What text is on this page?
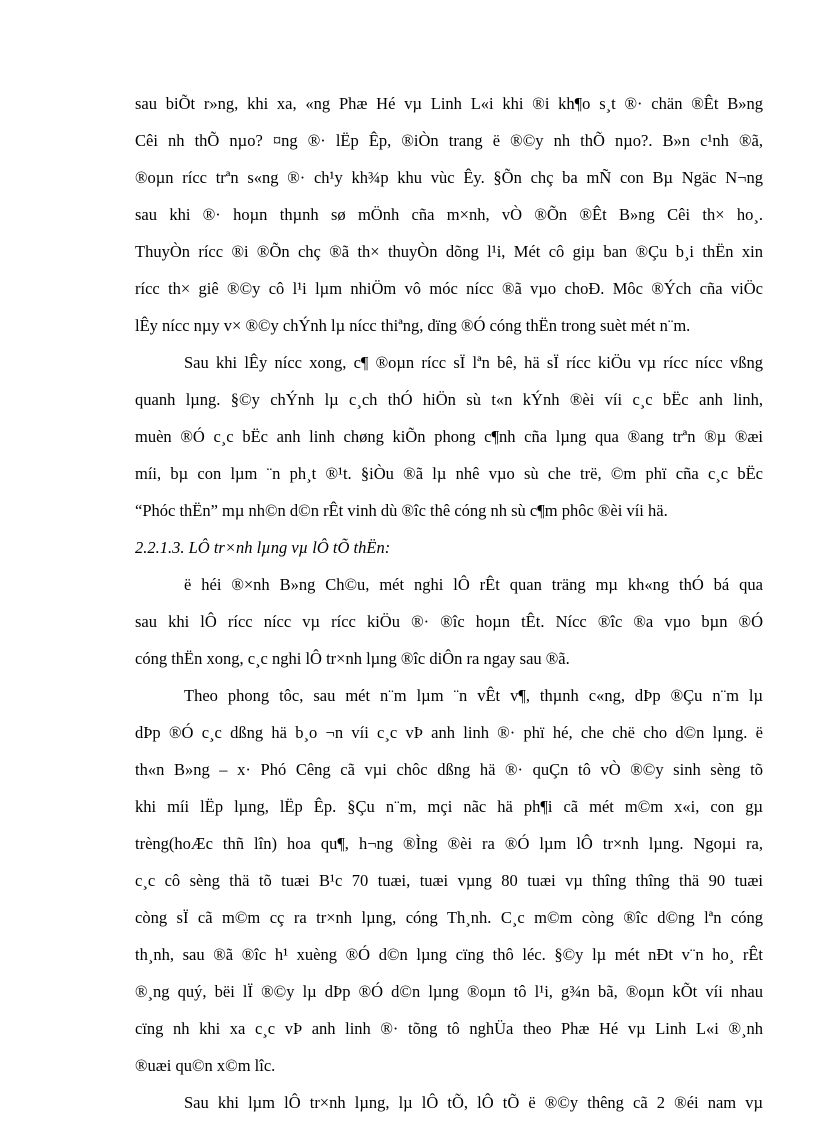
sau biÕt r»ng, khi xa, «ng Phæ Hé vµ Linh L«i khi ®i kh¶o s¸t ®· chän ®Êt B»ng
Cêi nh thÕ nµo? ¤ng ®· lËp Êp, ®iÒn trang ë ®©y nh thÕ nµo?. B»n c¹nh ®ã,
®oµn rícc trªn s«ng ®· ch¹y kh¾p khu vùc Êy. §Õn chç ba mÑ con Bµ Ngäc N¬ng
sau khi ®· hoµn thµnh sø mÖnh cña m×nh, vÒ ®Õn ®Êt B»ng Cêi th× ho¸.
ThuyÒn rícc ®i ®Õn chç ®ã th× thuyÒn dõng l¹i, Mét cô giµ ban ®Çu b¸i thËn xin
rícc th× giê ®©y cô l¹i lµm nhiÖm vô móc nícc ®ã vµo choÐ. Môc ®Ých cña viÖc
lÊy nícc nµy v× ®©y chÝnh lµ nícc thiªng, dïng ®Ó cóng thËn trong suèt mét n¨m.
Sau khi lÊy nícc xong, c¶ ®oµn rícc sÏ lªn bê, hä sÏ rícc kiÖu vµ rícc nícc vßng
quanh lµng. §©y chÝnh lµ c¸ch thÓ hiÖn sù t«n kÝnh ®èi víi c¸c bËc anh linh,
muèn ®Ó c¸c bËc anh linh chøng kiÕn phong c¶nh cña lµng qua ®ang trªn ®µ ®æi
míi, bµ con lµm ¨n ph¸t ®¹t. §iÒu ®ã lµ nhê vµo sù che trë, ©m phï cña c¸c bËc
“Phóc thËn” mµ nh©n d©n rÊt vinh dù ®îc thê cóng nh sù c¶m phôc ®èi víi hä.
2.2.1.3. LÔ tr×nh lµng vµ lÔ tÕ thËn:
ë héi ®×nh B»ng Ch©u, mét nghi lÔ rÊt quan träng mµ kh«ng thÓ bá qua
sau khi lÔ rícc nícc vµ rícc kiÖu ®· ®îc hoµn tÊt. Nícc ®îc ®a vµo bµn ®Ó
cóng thËn xong, c¸c nghi lÔ tr×nh lµng ®îc diÔn ra ngay sau ®ã.
Theo phong tôc, sau mét n¨m lµm ¨n vÊt v¶, thµnh c«ng, dÞp ®Çu n¨m lµ
dÞp ®Ó c¸c dßng hä b¸o ¬n víi c¸c vÞ anh linh ®· phï hé, che chë cho d©n lµng. ë
th«n B»ng – x· Phó Cêng cã vµi chôc dßng hä ®· quÇn tô vÒ ®©y sinh sèng tõ
khi míi lËp lµng, lËp Êp. §Çu n¨m, mçi nãc hä ph¶i cã mét m©m x«i, con gµ
trèng(hoÆc thñ lîn) hoa qu¶, h¬ng ®Ìng ®èi ra ®Ó lµm lÔ tr×nh lµng. Ngoµi ra,
c¸c cô sèng thä tõ tuæi B¹c 70 tuæi, tuæi vµng 80 tuæi vµ thîng thîng thä 90 tuæi
còng sÏ cã m©m cç ra tr×nh lµng, cóng Th¸nh. C¸c m©m còng ®îc d©ng lªn cóng
th¸nh, sau ®ã ®îc h¹ xuèng ®Ó d©n lµng cïng thô léc. §©y lµ mét nÐt v¨n ho¸ rÊt
®¸ng quý, bëi lÏ ®©y lµ dÞp ®Ó d©n lµng ®oµn tô l¹i, g¾n bã, ®oµn kÕt víi nhau
cïng nh khi xa c¸c vÞ anh linh ®· tõng tô nghÜa theo Phæ Hé vµ Linh L«i ®¸nh
®uæi qu©n x©m lîc.
Sau khi lµm lÔ tr×nh lµng, lµ lÔ tÕ, lÔ tÕ ë ®©y thêng cã 2 ®éi nam vµ
